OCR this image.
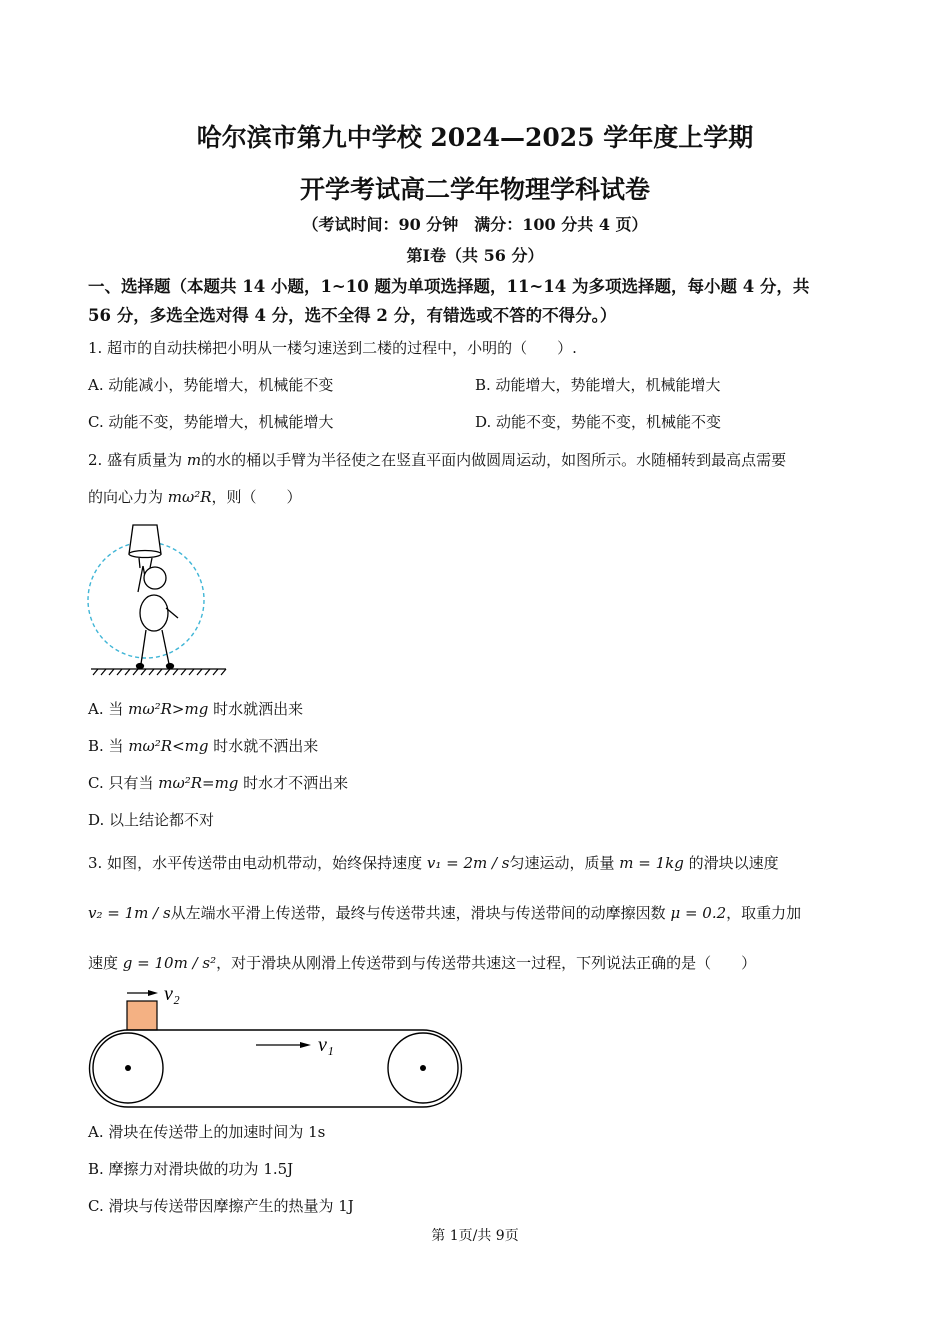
哈尔滨市第九中学校 2024—2025 学年度上学期
开学考试高二学年物理学科试卷
（考试时间：90 分钟　满分：100 分共 4 页）
第Ⅰ卷（共 56 分）
一、选择题（本题共 14 小题，1~10 题为单项选择题，11~14 为多项选择题，每小题 4 分，共
56 分，多选全选对得 4 分，选不全得 2 分，有错选或不答的不得分。）
1. 超市的自动扶梯把小明从一楼匀速送到二楼的过程中，小明的（　　）.
A. 动能减小，势能增大，机械能不变	B. 动能增大，势能增大，机械能增大
C. 动能不变，势能增大，机械能增大	D. 动能不变，势能不变，机械能不变
2. 盛有质量为 m的水的桶以手臂为半径使之在竖直平面内做圆周运动，如图所示。水随桶转到最高点需要
的向心力为 mω²R，则（　　）
A. 当 mω²R>mg 时水就洒出来
B. 当 mω²R<mg 时水就不洒出来
C. 只有当 mω²R=mg 时水才不洒出来
D. 以上结论都不对
3. 如图，水平传送带由电动机带动，始终保持速度 v₁ = 2m / s匀速运动，质量 m = 1kg 的滑块以速度
v₂ = 1m / s从左端水平滑上传送带，最终与传送带共速，滑块与传送带间的动摩擦因数 μ = 0.2，取重力加
速度 g = 10m / s²，对于滑块从刚滑上传送带到与传送带共速这一过程，下列说法正确的是（　　）
v₂
v₁
A. 滑块在传送带上的加速时间为 1s
B. 摩擦力对滑块做的功为 1.5J
C. 滑块与传送带因摩擦产生的热量为 1J
第 1页/共 9页
